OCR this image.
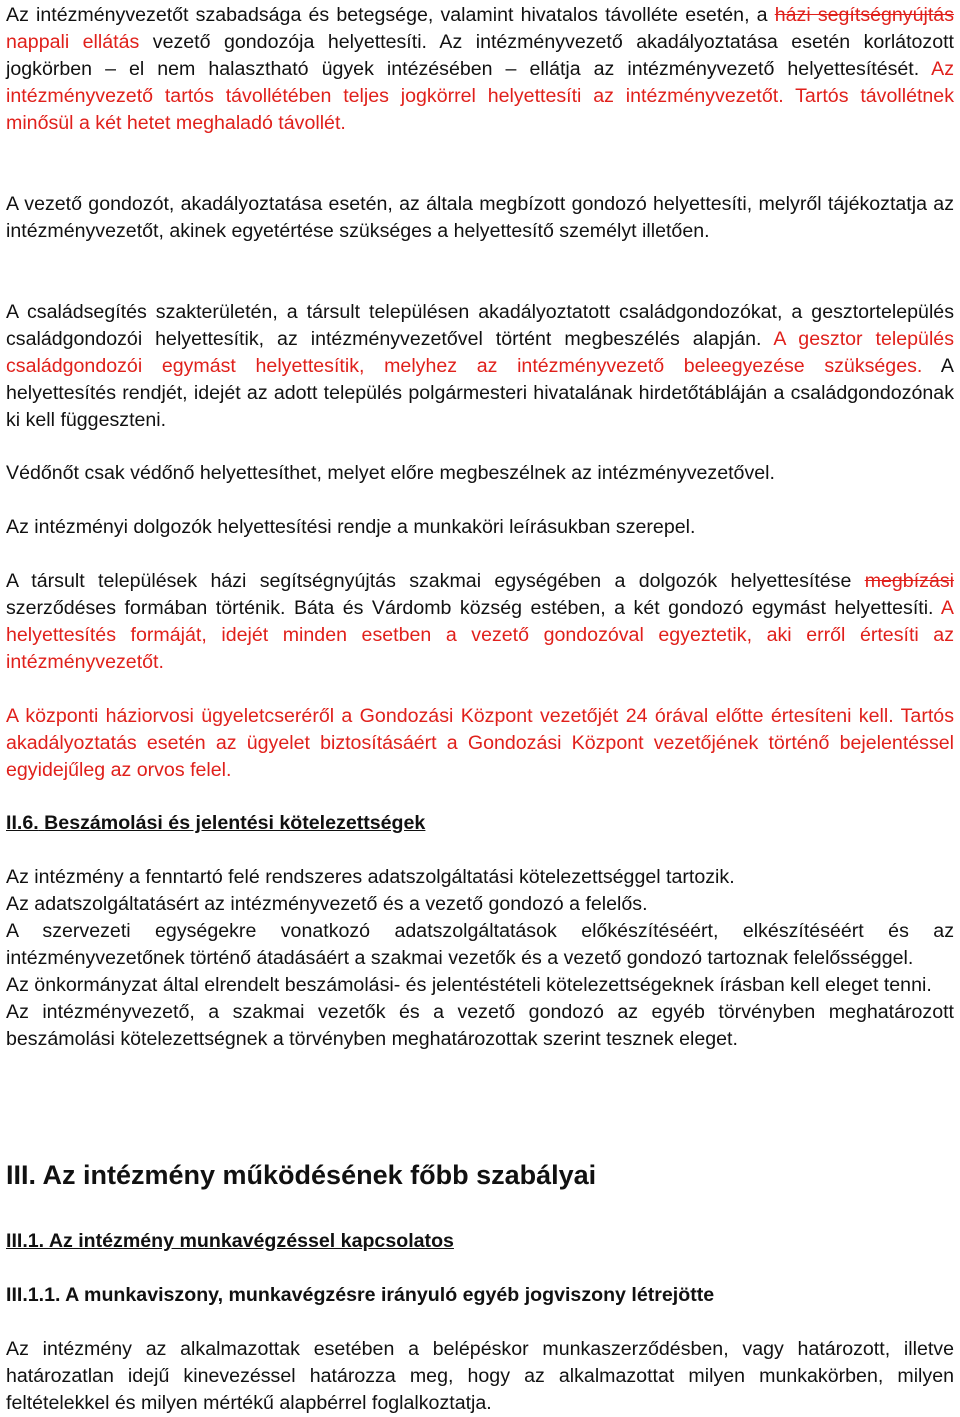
Az intézményvezetőt szabadsága és betegsége, valamint hivatalos távolléte esetén, a házi segítségnyújtás nappali ellátás vezető gondozója helyettesíti. Az intézményvezető akadályoztatása esetén korlátozott jogkörben – el nem halasztható ügyek intézésében – ellátja az intézményvezető helyettesítését. Az intézményvezető tartós távollétében teljes jogkörrel helyettesíti az intézményvezetőt. Tartós távollétnek minősül a két hetet meghaladó távollét.

A vezető gondozót, akadályoztatása esetén, az általa megbízott gondozó helyettesíti, melyről tájékoztatja az intézményvezetőt, akinek egyetértése szükséges a helyettesítő személyt illetően.

A családsegítés szakterületén, a társult településen akadályoztatott családgondozókat, a gesztortelepülés családgondozói helyettesítik, az intézményvezetővel történt megbeszélés alapján. A gesztor település családgondozói egymást helyettesítik, melyhez az intézményvezető beleegyezése szükséges. A helyettesítés rendjét, idejét az adott település polgármesteri hivatalának hirdetőtábláján a családgondozónak ki kell függeszteni.

Védőnőt csak védőnő helyettesíthet, melyet előre megbeszélnek az intézményvezetővel.

Az intézményi dolgozók helyettesítési rendje a munkaköri leírásukban szerepel.

A társult települések házi segítségnyújtás szakmai egységében a dolgozók helyettesítése megbízási szerződéses formában történik. Báta és Várdomb község estében, a két gondozó egymást helyettesíti. A helyettesítés formáját, idejét minden esetben a vezető gondozóval egyeztetik, aki erről értesíti az intézményvezetőt.

A központi háziorvosi ügyeletcseréről a Gondozási Központ vezetőjét 24 órával előtte értesíteni kell. Tartós akadályoztatás esetén az ügyelet biztosításáért a Gondozási Központ vezetőjének történő bejelentéssel egyidejűleg az orvos felel.

II.6. Beszámolási és jelentési kötelezettségek

Az intézmény a fenntartó felé rendszeres adatszolgáltatási kötelezettséggel tartozik.
Az adatszolgáltatásért az intézményvezető és a vezető gondozó a felelős.
A szervezeti egységekre vonatkozó adatszolgáltatások előkészítéséért, elkészítéséért és az intézményvezetőnek történő átadásáért a szakmai vezetők és a vezető gondozó tartoznak felelősséggel.
Az önkormányzat által elrendelt beszámolási- és jelentéstételi kötelezettségeknek írásban kell eleget tenni.
Az intézményvezető, a szakmai vezetők és a vezető gondozó az egyéb törvényben meghatározott beszámolási kötelezettségnek a törvényben meghatározottak szerint tesznek eleget.

III. Az intézmény működésének főbb szabályai

III.1. Az intézmény munkavégzéssel kapcsolatos

III.1.1. A munkaviszony, munkavégzésre irányuló egyéb jogviszony létrejötte

Az intézmény az alkalmazottak esetében a belépéskor munkaszerződésben, vagy határozott, illetve határozatlan idejű kinevezéssel határozza meg, hogy az alkalmazottat milyen munkakörben, milyen feltételekkel és milyen mértékű alapbérrel foglalkoztatja.
